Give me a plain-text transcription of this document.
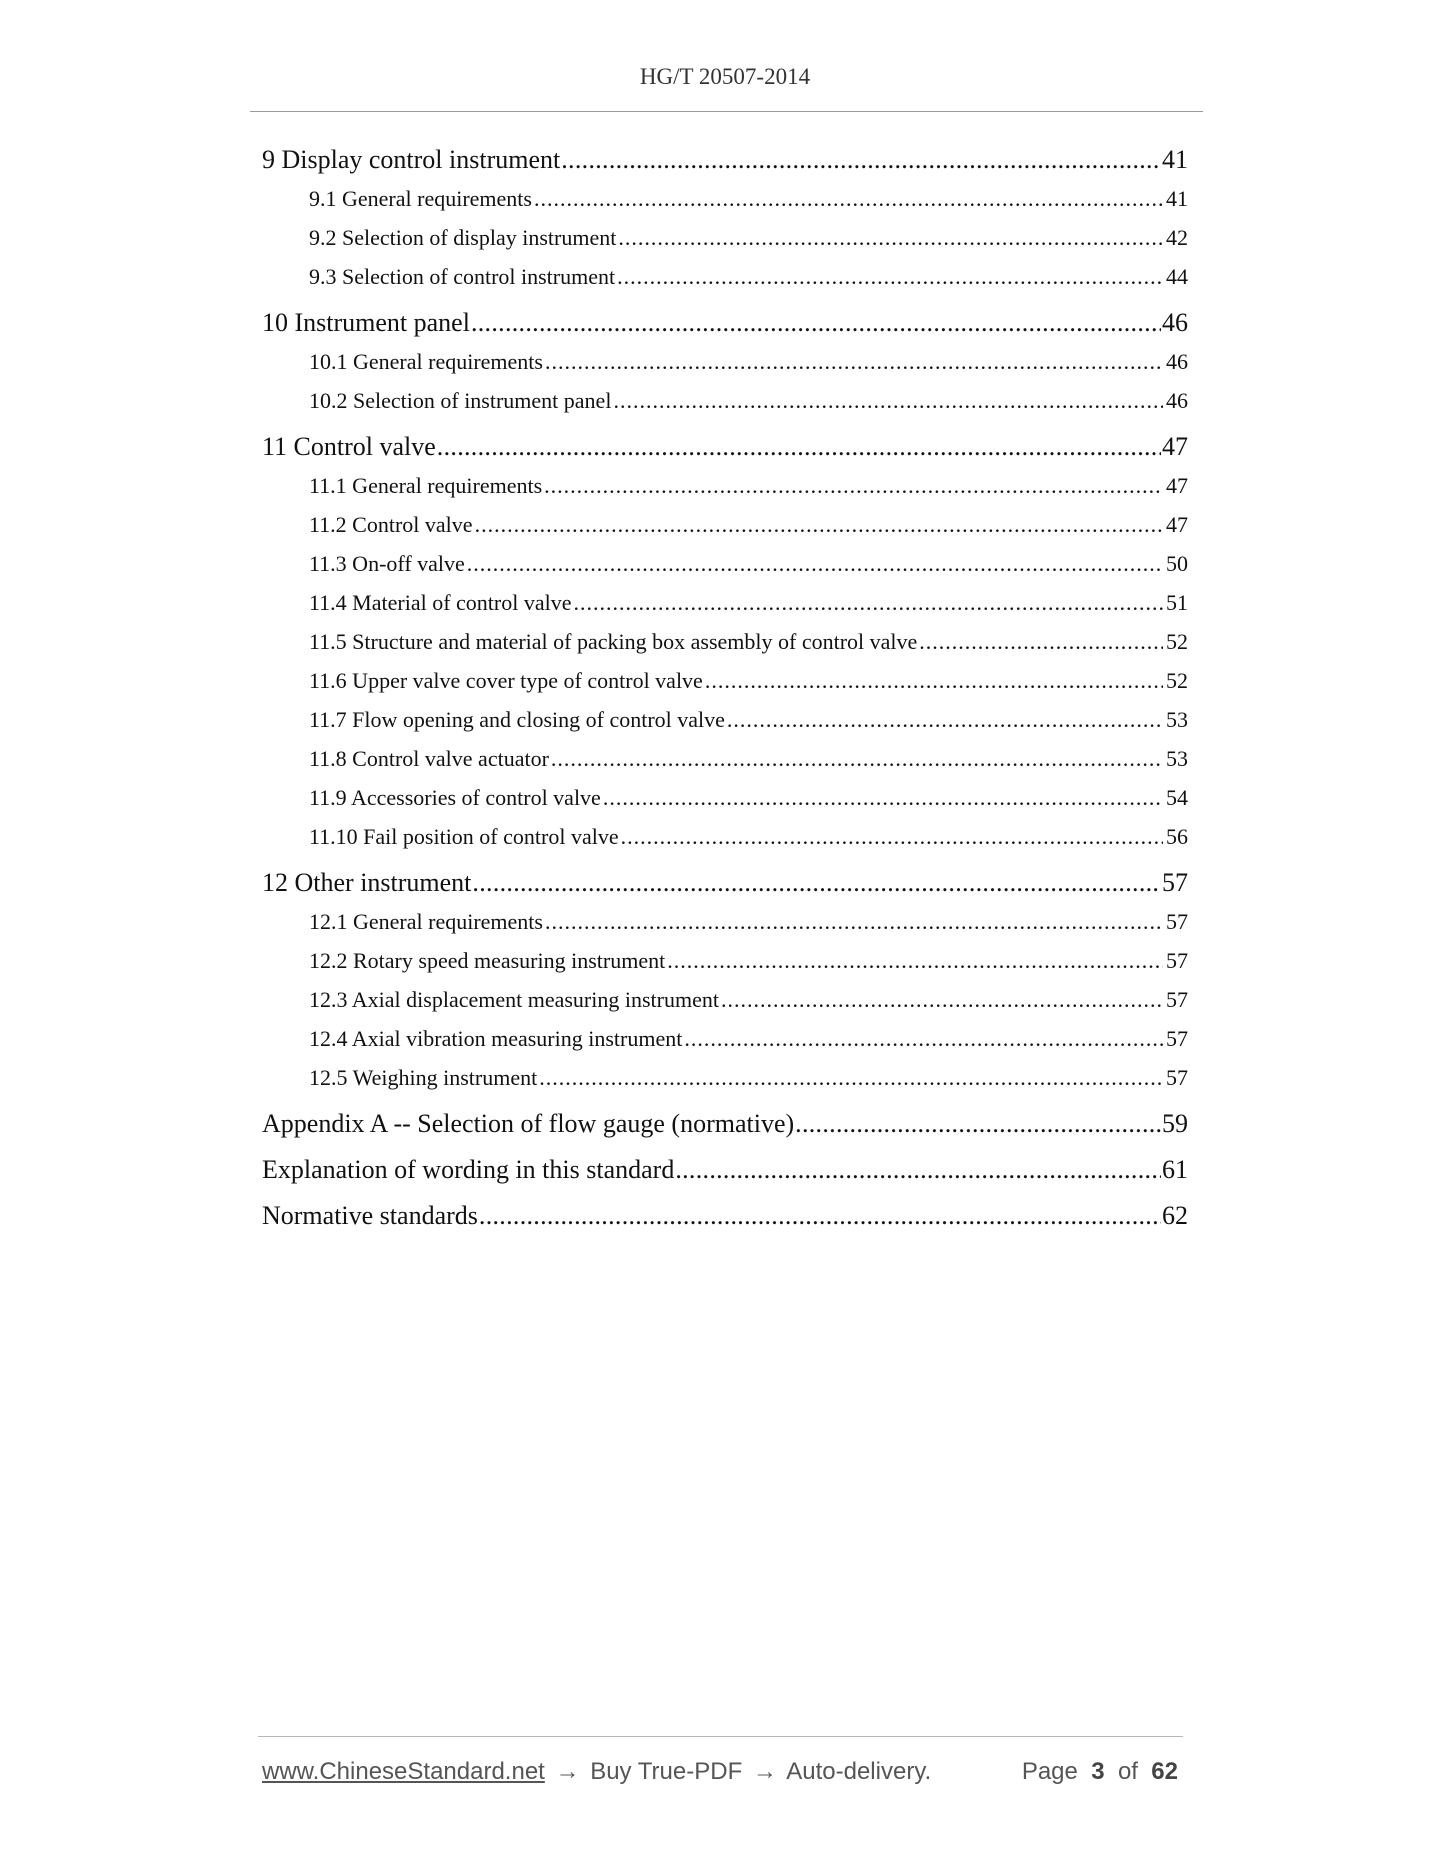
HG/T 20507-2014
9 Display control instrument .....	41
9.1 General requirements .....	41
9.2 Selection of display instrument .....	42
9.3 Selection of control instrument .....	44
10 Instrument panel .....	46
10.1 General requirements .....	46
10.2 Selection of instrument panel .....	46
11 Control valve .....	47
11.1 General requirements .....	47
11.2 Control valve .....	47
11.3 On-off valve .....	50
11.4 Material of control valve .....	51
11.5 Structure and material of packing box assembly of control valve .....	52
11.6 Upper valve cover type of control valve .....	52
11.7 Flow opening and closing of control valve .....	53
11.8 Control valve actuator .....	53
11.9 Accessories of control valve .....	54
11.10 Fail position of control valve .....	56
12 Other instrument .....	57
12.1 General requirements .....	57
12.2 Rotary speed measuring instrument .....	57
12.3 Axial displacement measuring instrument .....	57
12.4 Axial vibration measuring instrument .....	57
12.5 Weighing instrument .....	57
Appendix A -- Selection of flow gauge (normative) .....	59
Explanation of wording in this standard .....	61
Normative standards .....	62
www.ChineseStandard.net → Buy True-PDF → Auto-delivery.	Page 3 of 62
